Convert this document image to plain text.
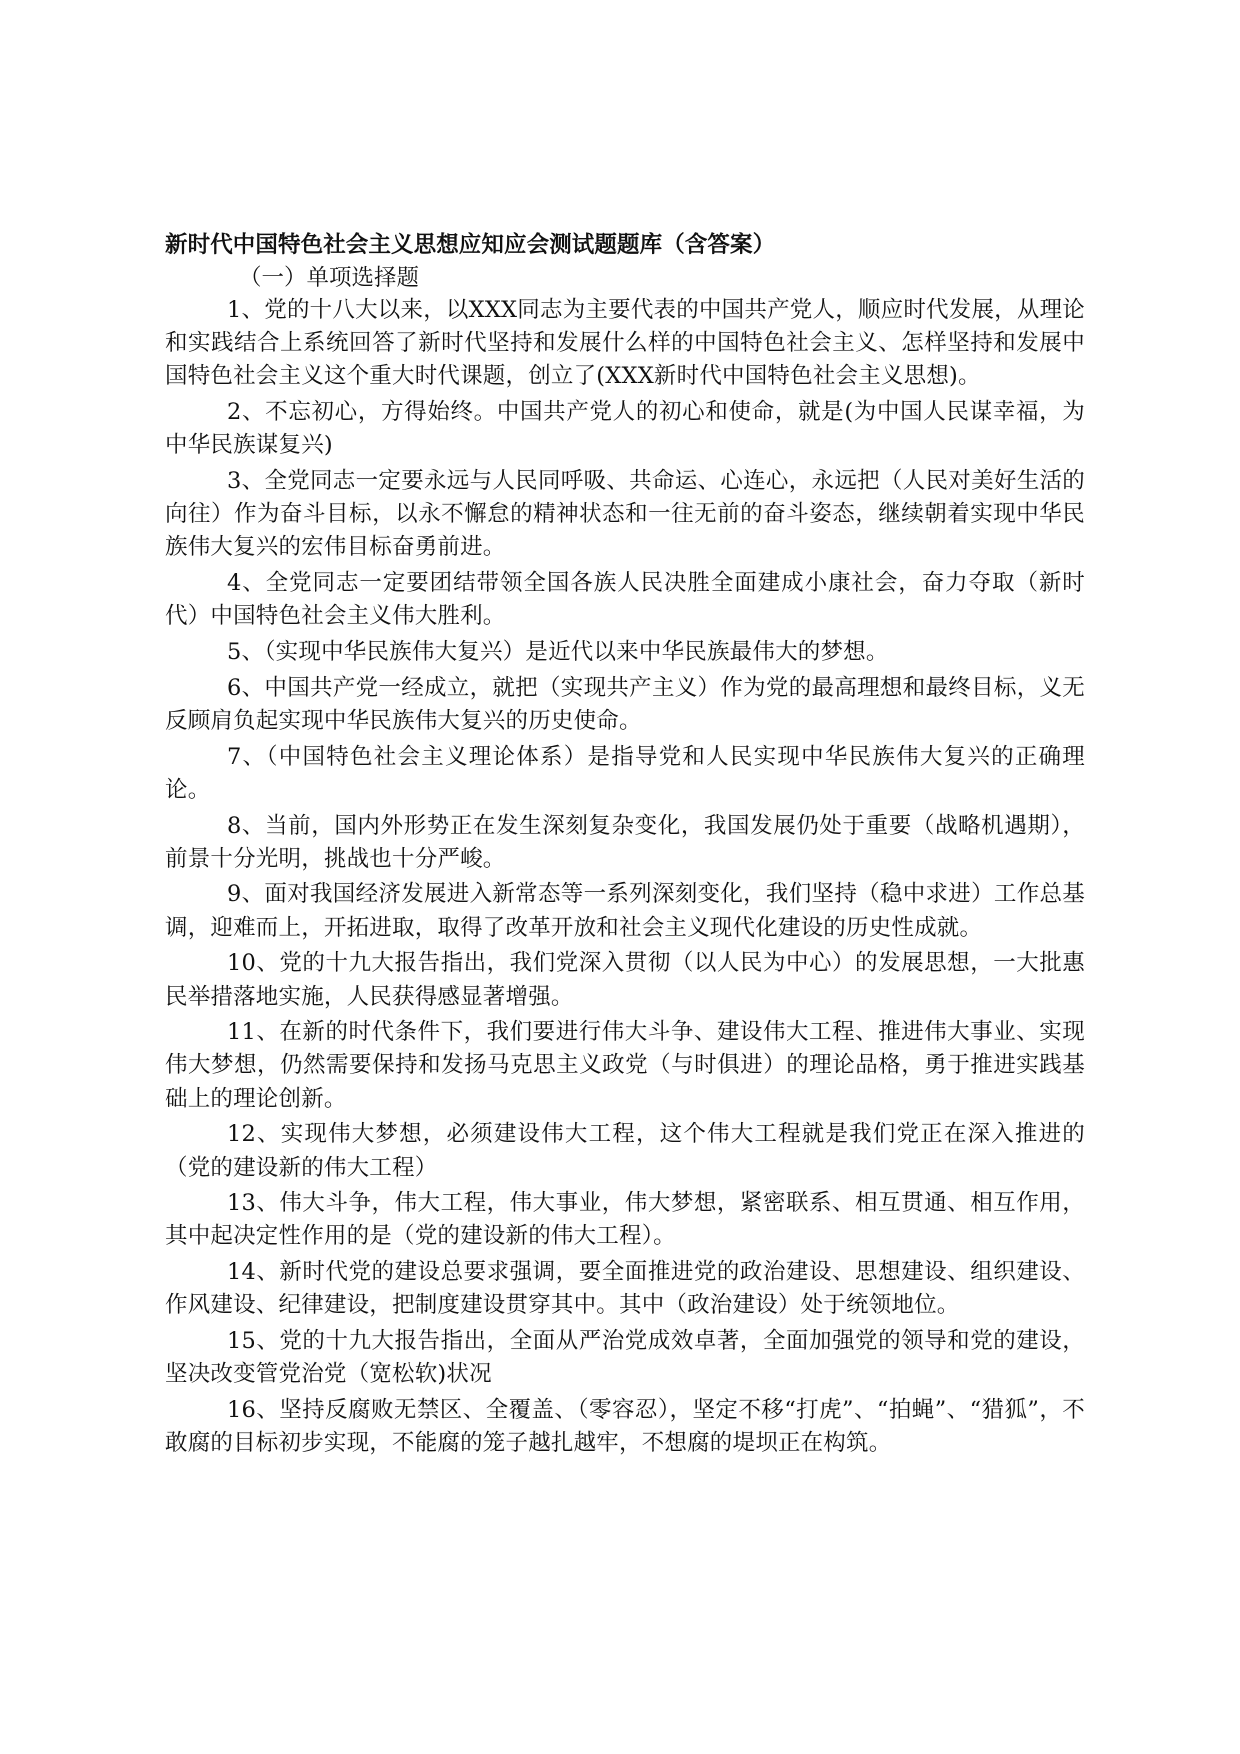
新时代中国特色社会主义思想应知应会测试题题库（含答案）

（一）单项选择题

1、党的十八大以来，以XXX同志为主要代表的中国共产党人，顺应时代发展，从理论和实践结合上系统回答了新时代坚持和发展什么样的中国特色社会主义、怎样坚持和发展中国特色社会主义这个重大时代课题，创立了(XXX新时代中国特色社会主义思想)。

2、不忘初心，方得始终。中国共产党人的初心和使命，就是(为中国人民谋幸福，为中华民族谋复兴)

3、全党同志一定要永远与人民同呼吸、共命运、心连心，永远把（人民对美好生活的向往）作为奋斗目标，以永不懈怠的精神状态和一往无前的奋斗姿态，继续朝着实现中华民族伟大复兴的宏伟目标奋勇前进。

4、全党同志一定要团结带领全国各族人民决胜全面建成小康社会，奋力夺取（新时代）中国特色社会主义伟大胜利。

5、（实现中华民族伟大复兴）是近代以来中华民族最伟大的梦想。

6、中国共产党一经成立，就把（实现共产主义）作为党的最高理想和最终目标，义无反顾肩负起实现中华民族伟大复兴的历史使命。

7、（中国特色社会主义理论体系）是指导党和人民实现中华民族伟大复兴的正确理论。

8、当前，国内外形势正在发生深刻复杂变化，我国发展仍处于重要（战略机遇期），前景十分光明，挑战也十分严峻。

9、面对我国经济发展进入新常态等一系列深刻变化，我们坚持（稳中求进）工作总基调，迎难而上，开拓进取，取得了改革开放和社会主义现代化建设的历史性成就。

10、党的十九大报告指出，我们党深入贯彻（以人民为中心）的发展思想，一大批惠民举措落地实施，人民获得感显著增强。

11、在新的时代条件下，我们要进行伟大斗争、建设伟大工程、推进伟大事业、实现伟大梦想，仍然需要保持和发扬马克思主义政党（与时俱进）的理论品格，勇于推进实践基础上的理论创新。

12、实现伟大梦想，必须建设伟大工程，这个伟大工程就是我们党正在深入推进的（党的建设新的伟大工程）

13、伟大斗争，伟大工程，伟大事业，伟大梦想，紧密联系、相互贯通、相互作用，其中起决定性作用的是（党的建设新的伟大工程）。

14、新时代党的建设总要求强调，要全面推进党的政治建设、思想建设、组织建设、作风建设、纪律建设，把制度建设贯穿其中。其中（政治建设）处于统领地位。

15、党的十九大报告指出，全面从严治党成效卓著，全面加强党的领导和党的建设，坚决改变管党治党（宽松软)状况

16、坚持反腐败无禁区、全覆盖、（零容忍），坚定不移“打虎”、“拍蝇”、“猎狐”，不敢腐的目标初步实现，不能腐的笼子越扎越牢，不想腐的堤坝正在构筑。
